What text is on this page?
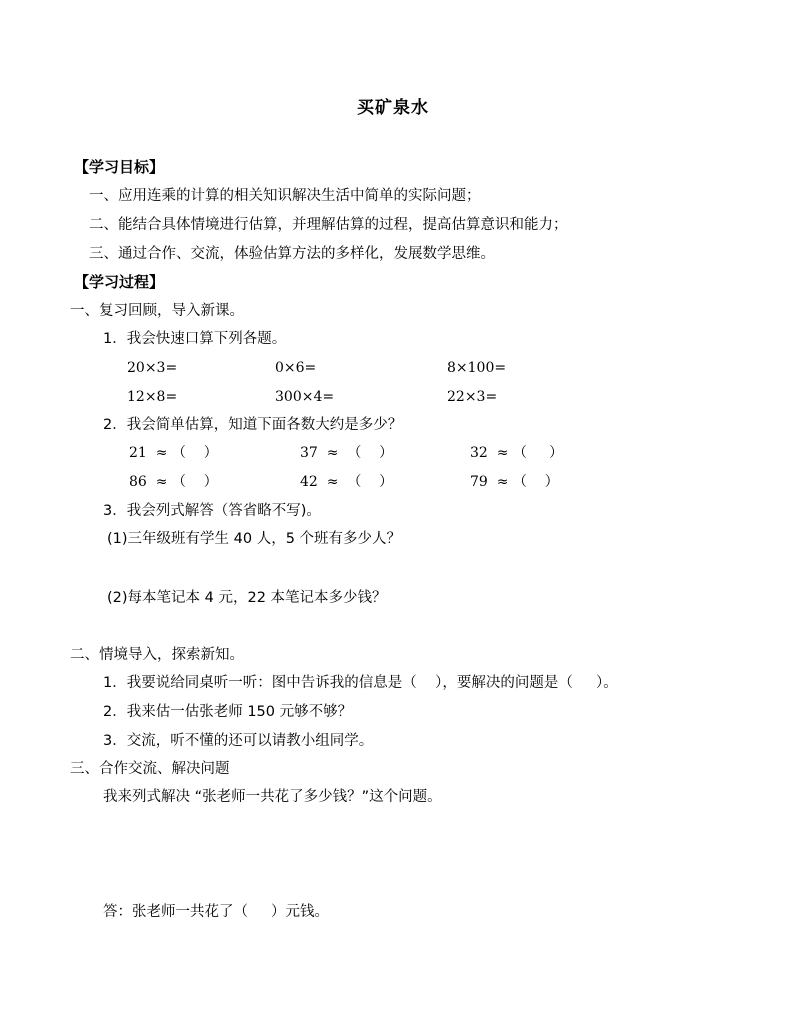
买矿泉水
【学习目标】
一、应用连乘的计算的相关知识解决生活中简单的实际问题；
二、能结合具体情境进行估算，并理解估算的过程，提高估算意识和能力；
三、通过合作、交流，体验估算方法的多样化，发展数学思维。
【学习过程】
一、复习回顾，导入新课。
1．我会快速口算下列各题。
20×3=	0×6=	8×100=
12×8=	300×4=	22×3=
2．我会简单估算，知道下面各数大约是多少？
21  ≈ （    ）	37  ≈  （    ）	32  ≈ （     ）
86  ≈ （    ）	42  ≈  （    ）	79  ≈ （    ）
3．我会列式解答（答省略不写)。
(1)三年级班有学生 40 人，5 个班有多少人？
(2)每本笔记本 4 元，22 本笔记本多少钱？
二、情境导入，探索新知。
1．我要说给同桌听一听：图中告诉我的信息是（    ），要解决的问题是（     ）。
2．我来估一估张老师 150 元够不够？
3．交流，听不懂的还可以请教小组同学。
三、合作交流、解决问题
我来列式解决 “张老师一共花了多少钱？”这个问题。
答：张老师一共花了（     ）元钱。
